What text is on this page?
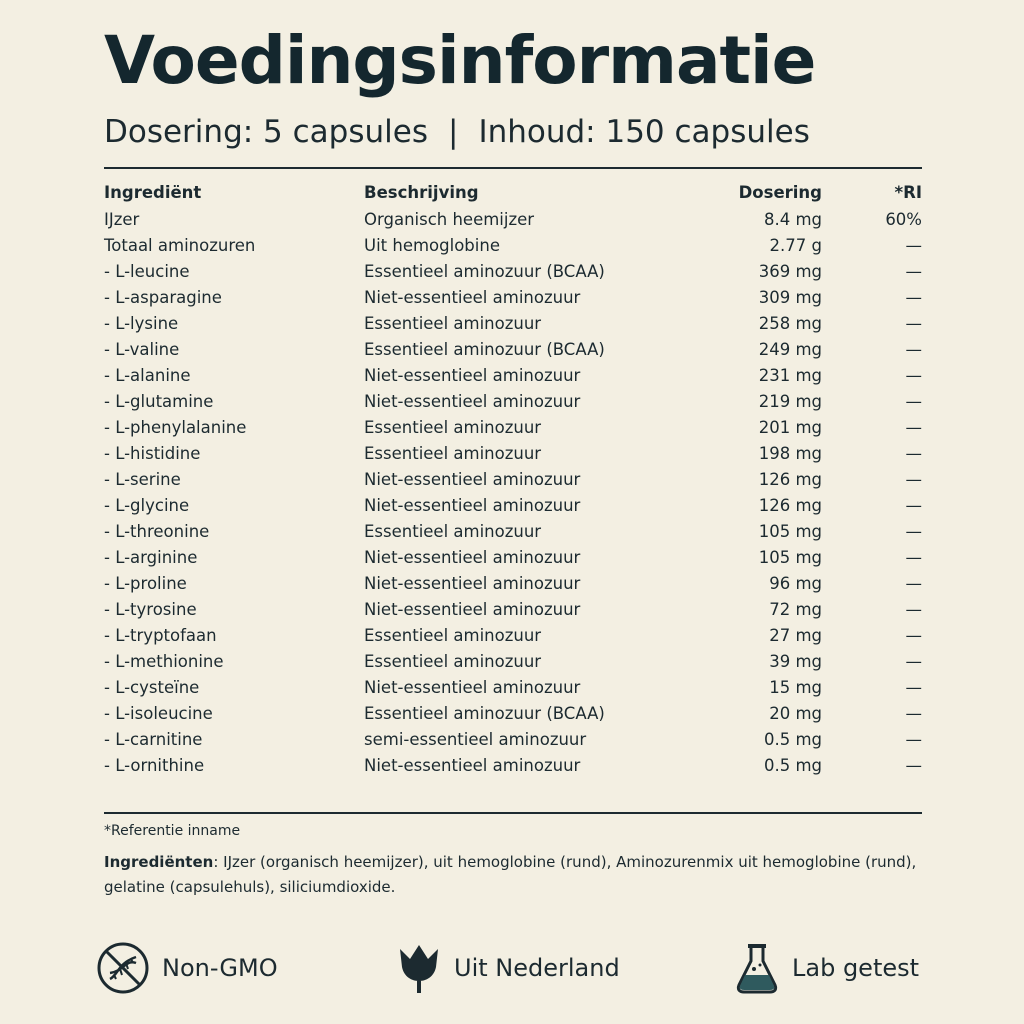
Voedingsinformatie
Dosering: 5 capsules | Inhoud: 150 capsules
Ingrediënt	Beschrijving	Dosering	*RI
IJzer	Organisch heemijzer	8.4 mg	60%
Totaal aminozuren	Uit hemoglobine	2.77 g	—
- L-leucine	Essentieel aminozuur (BCAA)	369 mg	—
- L-asparagine	Niet-essentieel aminozuur	309 mg	—
- L-lysine	Essentieel aminozuur	258 mg	—
- L-valine	Essentieel aminozuur (BCAA)	249 mg	—
- L-alanine	Niet-essentieel aminozuur	231 mg	—
- L-glutamine	Niet-essentieel aminozuur	219 mg	—
- L-phenylalanine	Essentieel aminozuur	201 mg	—
- L-histidine	Essentieel aminozuur	198 mg	—
- L-serine	Niet-essentieel aminozuur	126 mg	—
- L-glycine	Niet-essentieel aminozuur	126 mg	—
- L-threonine	Essentieel aminozuur	105 mg	—
- L-arginine	Niet-essentieel aminozuur	105 mg	—
- L-proline	Niet-essentieel aminozuur	96 mg	—
- L-tyrosine	Niet-essentieel aminozuur	72 mg	—
- L-tryptofaan	Essentieel aminozuur	27 mg	—
- L-methionine	Essentieel aminozuur	39 mg	—
- L-cysteïne	Niet-essentieel aminozuur	15 mg	—
- L-isoleucine	Essentieel aminozuur (BCAA)	20 mg	—
- L-carnitine	semi-essentieel aminozuur	0.5 mg	—
- L-ornithine	Niet-essentieel aminozuur	0.5 mg	—
*Referentie inname
Ingrediënten: IJzer (organisch heemijzer), uit hemoglobine (rund), Aminozurenmix uit hemoglobine (rund), gelatine (capsulehuls), siliciumdioxide.
Non-GMO	Uit Nederland	Lab getest
